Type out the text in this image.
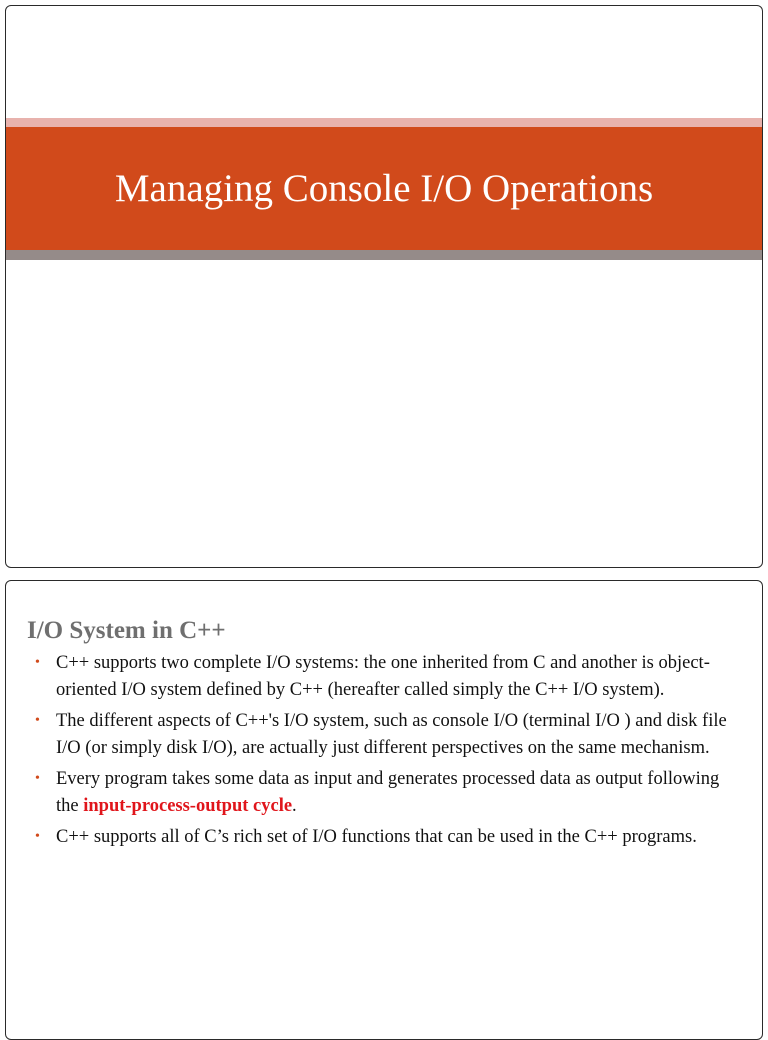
Managing Console I/O Operations
I/O System in C++
• C++ supports two complete I/O systems: the one inherited from C and another is object-oriented I/O system defined by C++ (hereafter called simply the C++ I/O system).
• The different aspects of C++'s I/O system, such as console I/O (terminal I/O ) and disk file I/O (or simply disk I/O), are actually just different perspectives on the same mechanism.
• Every program takes some data as input and generates processed data as output following the input-process-output cycle.
• C++ supports all of C’s rich set of I/O functions that can be used in the C++ programs.
